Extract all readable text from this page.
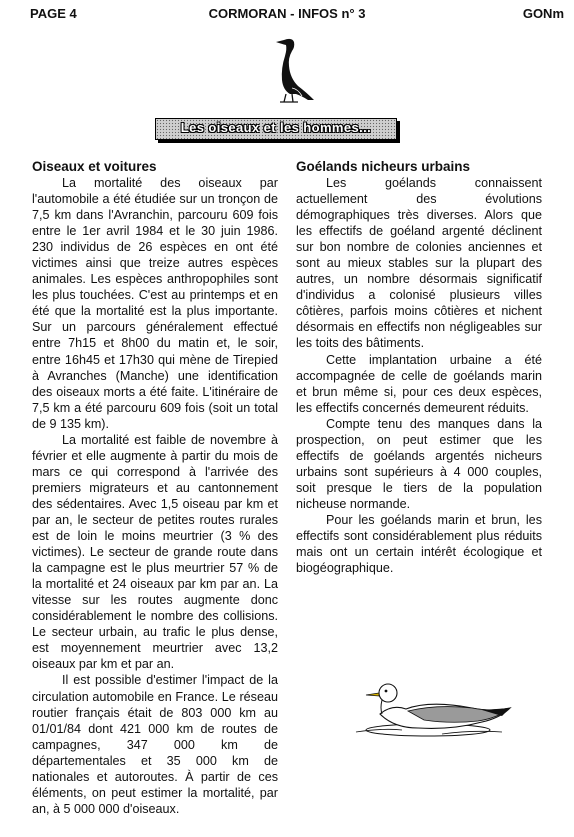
PAGE 4	CORMORAN - INFOS n° 3	GONm
Les oiseaux et les hommes...
Oiseaux et voitures

La mortalité des oiseaux par l'automobile a été étudiée sur un tronçon de 7,5 km dans l'Avranchin, parcouru 609 fois entre le 1er avril 1984 et le 30 juin 1986. 230 individus de 26 espèces en ont été victimes ainsi que treize autres espèces animales. Les espèces anthropophiles sont les plus touchées. C'est au printemps et en été que la mortalité est la plus importante. Sur un parcours généralement effectué entre 7h15 et 8h00 du matin et, le soir, entre 16h45 et 17h30 qui mène de Tirepied à Avranches (Manche) une identification des oiseaux morts a été faite. L'itinéraire de 7,5 km a été parcouru 609 fois (soit un total de 9 135 km).

La mortalité est faible de novembre à février et elle augmente à partir du mois de mars ce qui correspond à l'arrivée des premiers migrateurs et au cantonnement des sédentaires. Avec 1,5 oiseau par km et par an, le secteur de petites routes rurales est de loin le moins meurtrier (3 % des victimes). Le secteur de grande route dans la campagne est le plus meurtrier 57 % de la mortalité et 24 oiseaux par km par an. La vitesse sur les routes augmente donc considérablement le nombre des collisions. Le secteur urbain, au trafic le plus dense, est moyennement meurtrier avec 13,2 oiseaux par km et par an.

Il est possible d'estimer l'impact de la circulation automobile en France. Le réseau routier français était de 803 000 km au 01/01/84 dont 421 000 km de routes de campagnes, 347 000 km de départementales et 35 000 km de nationales et autoroutes. À partir de ces éléments, on peut estimer la mortalité, par an, à 5 000 000 d'oiseaux.

Goélands nicheurs urbains

Les goélands connaissent actuellement des évolutions démographiques très diverses. Alors que les effectifs de goéland argenté déclinent sur bon nombre de colonies anciennes et sont au mieux stables sur la plupart des autres, un nombre désormais significatif d'individus a colonisé plusieurs villes côtières, parfois moins côtières et nichent désormais en effectifs non négligeables sur les toits des bâtiments.

Cette implantation urbaine a été accompagnée de celle de goélands marin et brun même si, pour ces deux espèces, les effectifs concernés demeurent réduits.

Compte tenu des manques dans la prospection, on peut estimer que les effectifs de goélands argentés nicheurs urbains sont supérieurs à 4 000 couples, soit presque le tiers de la population nicheuse normande.

Pour les goélands marin et brun, les effectifs sont considérablement plus réduits mais ont un certain intérêt écologique et biogéographique.
